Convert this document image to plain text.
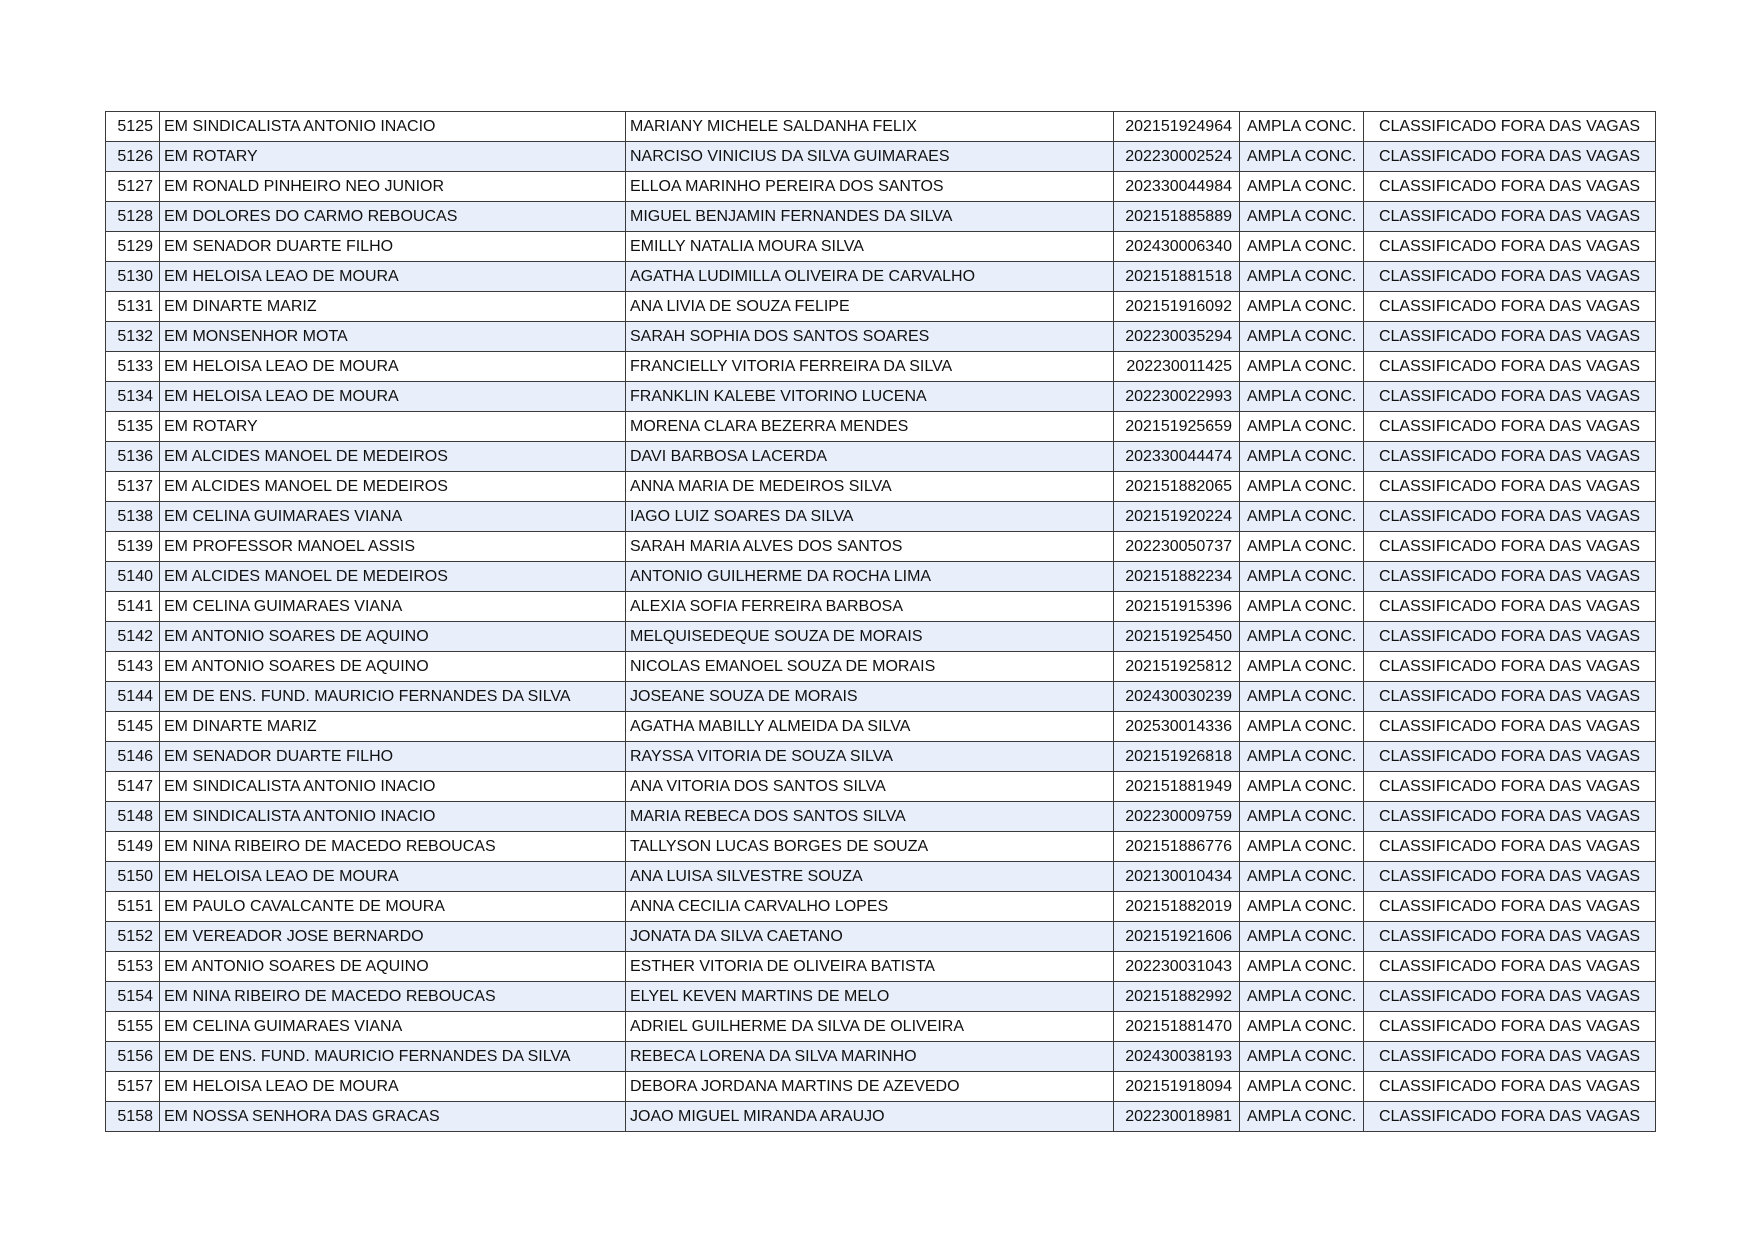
5125	EM SINDICALISTA ANTONIO INACIO	MARIANY MICHELE SALDANHA FELIX	202151924964	AMPLA CONC.	CLASSIFICADO FORA DAS VAGAS
5126	EM ROTARY	NARCISO VINICIUS DA SILVA GUIMARAES	202230002524	AMPLA CONC.	CLASSIFICADO FORA DAS VAGAS
5127	EM RONALD PINHEIRO NEO JUNIOR	ELLOA MARINHO PEREIRA DOS SANTOS	202330044984	AMPLA CONC.	CLASSIFICADO FORA DAS VAGAS
5128	EM DOLORES DO CARMO REBOUCAS	MIGUEL BENJAMIN FERNANDES DA SILVA	202151885889	AMPLA CONC.	CLASSIFICADO FORA DAS VAGAS
5129	EM SENADOR DUARTE FILHO	EMILLY NATALIA MOURA SILVA	202430006340	AMPLA CONC.	CLASSIFICADO FORA DAS VAGAS
5130	EM HELOISA LEAO DE MOURA	AGATHA LUDIMILLA OLIVEIRA DE CARVALHO	202151881518	AMPLA CONC.	CLASSIFICADO FORA DAS VAGAS
5131	EM DINARTE MARIZ	ANA LIVIA DE SOUZA FELIPE	202151916092	AMPLA CONC.	CLASSIFICADO FORA DAS VAGAS
5132	EM MONSENHOR MOTA	SARAH SOPHIA DOS SANTOS SOARES	202230035294	AMPLA CONC.	CLASSIFICADO FORA DAS VAGAS
5133	EM HELOISA LEAO DE MOURA	FRANCIELLY VITORIA FERREIRA DA SILVA	202230011425	AMPLA CONC.	CLASSIFICADO FORA DAS VAGAS
5134	EM HELOISA LEAO DE MOURA	FRANKLIN KALEBE VITORINO LUCENA	202230022993	AMPLA CONC.	CLASSIFICADO FORA DAS VAGAS
5135	EM ROTARY	MORENA CLARA BEZERRA MENDES	202151925659	AMPLA CONC.	CLASSIFICADO FORA DAS VAGAS
5136	EM ALCIDES MANOEL DE MEDEIROS	DAVI BARBOSA LACERDA	202330044474	AMPLA CONC.	CLASSIFICADO FORA DAS VAGAS
5137	EM ALCIDES MANOEL DE MEDEIROS	ANNA MARIA DE MEDEIROS SILVA	202151882065	AMPLA CONC.	CLASSIFICADO FORA DAS VAGAS
5138	EM CELINA GUIMARAES VIANA	IAGO LUIZ SOARES DA SILVA	202151920224	AMPLA CONC.	CLASSIFICADO FORA DAS VAGAS
5139	EM PROFESSOR MANOEL ASSIS	SARAH MARIA ALVES DOS SANTOS	202230050737	AMPLA CONC.	CLASSIFICADO FORA DAS VAGAS
5140	EM ALCIDES MANOEL DE MEDEIROS	ANTONIO GUILHERME DA ROCHA LIMA	202151882234	AMPLA CONC.	CLASSIFICADO FORA DAS VAGAS
5141	EM CELINA GUIMARAES VIANA	ALEXIA SOFIA FERREIRA BARBOSA	202151915396	AMPLA CONC.	CLASSIFICADO FORA DAS VAGAS
5142	EM ANTONIO SOARES DE AQUINO	MELQUISEDEQUE SOUZA DE MORAIS	202151925450	AMPLA CONC.	CLASSIFICADO FORA DAS VAGAS
5143	EM ANTONIO SOARES DE AQUINO	NICOLAS EMANOEL SOUZA DE MORAIS	202151925812	AMPLA CONC.	CLASSIFICADO FORA DAS VAGAS
5144	EM DE ENS. FUND. MAURICIO FERNANDES DA SILVA	JOSEANE SOUZA DE MORAIS	202430030239	AMPLA CONC.	CLASSIFICADO FORA DAS VAGAS
5145	EM DINARTE MARIZ	AGATHA MABILLY ALMEIDA DA SILVA	202530014336	AMPLA CONC.	CLASSIFICADO FORA DAS VAGAS
5146	EM SENADOR DUARTE FILHO	RAYSSA VITORIA DE SOUZA SILVA	202151926818	AMPLA CONC.	CLASSIFICADO FORA DAS VAGAS
5147	EM SINDICALISTA ANTONIO INACIO	ANA VITORIA DOS SANTOS SILVA	202151881949	AMPLA CONC.	CLASSIFICADO FORA DAS VAGAS
5148	EM SINDICALISTA ANTONIO INACIO	MARIA REBECA DOS SANTOS SILVA	202230009759	AMPLA CONC.	CLASSIFICADO FORA DAS VAGAS
5149	EM NINA RIBEIRO DE MACEDO REBOUCAS	TALLYSON LUCAS BORGES DE SOUZA	202151886776	AMPLA CONC.	CLASSIFICADO FORA DAS VAGAS
5150	EM HELOISA LEAO DE MOURA	ANA LUISA SILVESTRE SOUZA	202130010434	AMPLA CONC.	CLASSIFICADO FORA DAS VAGAS
5151	EM PAULO CAVALCANTE DE MOURA	ANNA CECILIA CARVALHO LOPES	202151882019	AMPLA CONC.	CLASSIFICADO FORA DAS VAGAS
5152	EM VEREADOR JOSE BERNARDO	JONATA DA SILVA CAETANO	202151921606	AMPLA CONC.	CLASSIFICADO FORA DAS VAGAS
5153	EM ANTONIO SOARES DE AQUINO	ESTHER VITORIA DE OLIVEIRA BATISTA	202230031043	AMPLA CONC.	CLASSIFICADO FORA DAS VAGAS
5154	EM NINA RIBEIRO DE MACEDO REBOUCAS	ELYEL KEVEN MARTINS DE MELO	202151882992	AMPLA CONC.	CLASSIFICADO FORA DAS VAGAS
5155	EM CELINA GUIMARAES VIANA	ADRIEL GUILHERME DA SILVA DE OLIVEIRA	202151881470	AMPLA CONC.	CLASSIFICADO FORA DAS VAGAS
5156	EM DE ENS. FUND. MAURICIO FERNANDES DA SILVA	REBECA LORENA DA SILVA MARINHO	202430038193	AMPLA CONC.	CLASSIFICADO FORA DAS VAGAS
5157	EM HELOISA LEAO DE MOURA	DEBORA JORDANA MARTINS DE AZEVEDO	202151918094	AMPLA CONC.	CLASSIFICADO FORA DAS VAGAS
5158	EM NOSSA SENHORA DAS GRACAS	JOAO MIGUEL MIRANDA ARAUJO	202230018981	AMPLA CONC.	CLASSIFICADO FORA DAS VAGAS
